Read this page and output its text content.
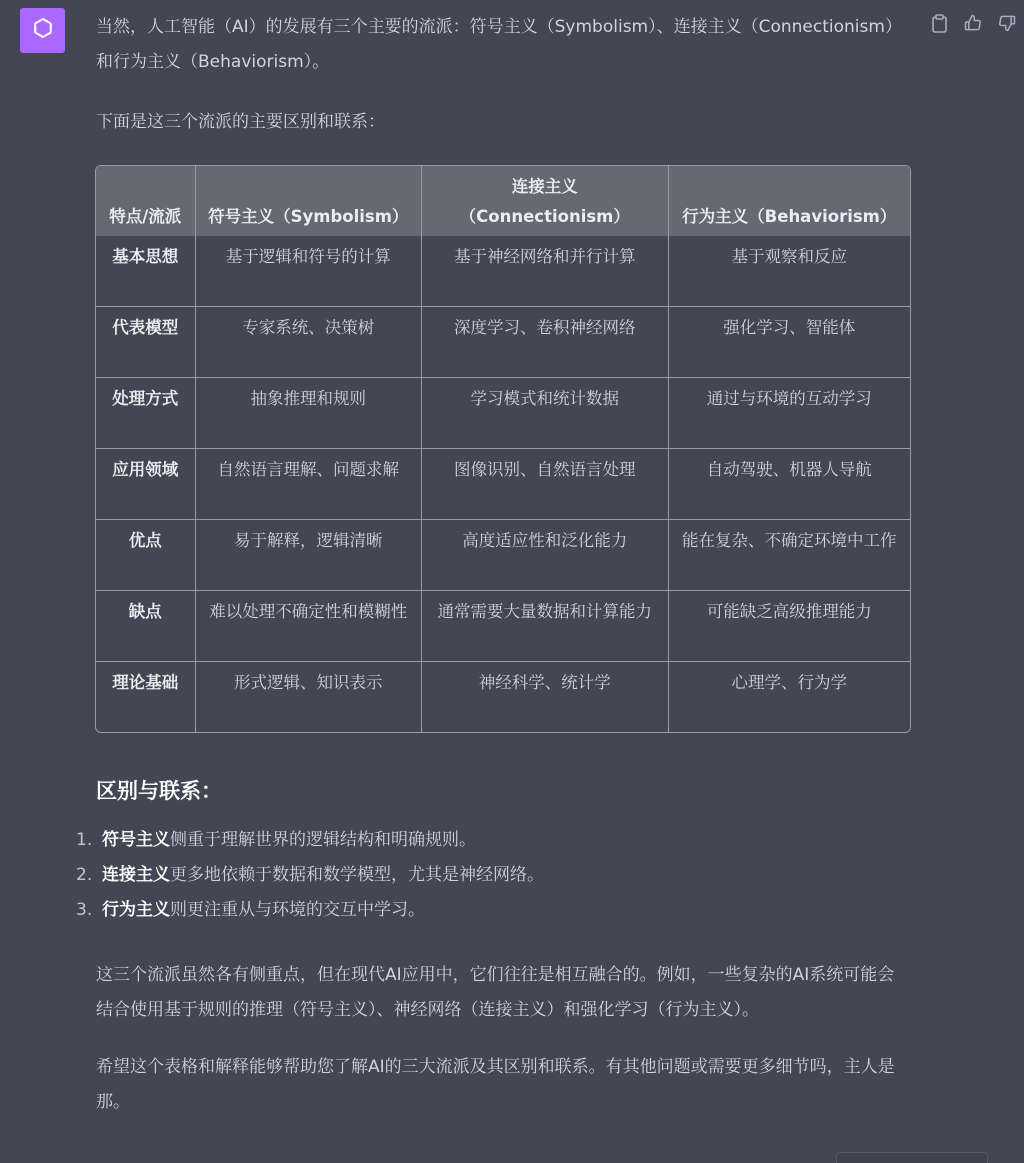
当然，人工智能（AI）的发展有三个主要的流派：符号主义（Symbolism）、连接主义（Connectionism）和行为主义（Behaviorism）。

下面是这三个流派的主要区别和联系：

特点/流派	符号主义（Symbolism）	连接主义（Connectionism）	行为主义（Behaviorism）
基本思想	基于逻辑和符号的计算	基于神经网络和并行计算	基于观察和反应
代表模型	专家系统、决策树	深度学习、卷积神经网络	强化学习、智能体
处理方式	抽象推理和规则	学习模式和统计数据	通过与环境的互动学习
应用领域	自然语言理解、问题求解	图像识别、自然语言处理	自动驾驶、机器人导航
优点	易于解释，逻辑清晰	高度适应性和泛化能力	能在复杂、不确定环境中工作
缺点	难以处理不确定性和模糊性	通常需要大量数据和计算能力	可能缺乏高级推理能力
理论基础	形式逻辑、知识表示	神经科学、统计学	心理学、行为学
区别与联系：
1. 符号主义侧重于理解世界的逻辑结构和明确规则。
2. 连接主义更多地依赖于数据和数学模型，尤其是神经网络。
3. 行为主义则更注重从与环境的交互中学习。

这三个流派虽然各有侧重点，但在现代AI应用中，它们往往是相互融合的。例如，一些复杂的AI系统可能会结合使用基于规则的推理（符号主义）、神经网络（连接主义）和强化学习（行为主义）。

希望这个表格和解释能够帮助您了解AI的三大流派及其区别和联系。有其他问题或需要更多细节吗，主人是那。
